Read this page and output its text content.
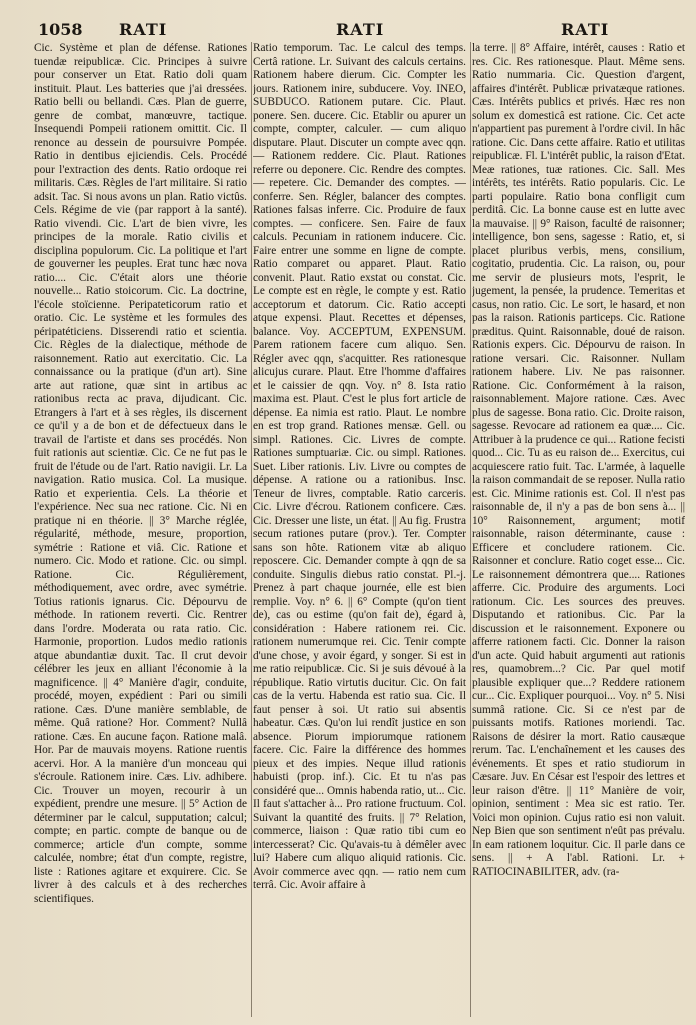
1058 RATI	RATI	RATI

Cic. Système et plan de défense. Rationes tuendæ reipublicæ. Cic. Principes à suivre pour conserver un Etat. Ratio doli quam instituit. Plaut. Les batteries que j'ai dressées. Ratio belli ou bellandi. Cæs. Plan de guerre, genre de combat, manœuvre, tactique. Insequendi Pompeii rationem omittit. Cic. Il renonce au dessein de poursuivre Pompée. Ratio in dentibus ejiciendis. Cels. Procédé pour l'extraction des dents. Ratio ordoque rei militaris. Cæs. Règles de l'art militaire. Si ratio adsit. Tac. Si nous avons un plan. Ratio victûs. Cels. Régime de vie (par rapport à la santé). Ratio vivendi. Cic. L'art de bien vivre, les principes de la morale. Ratio civilis et disciplina populorum. Cic. La politique et l'art de gouverner les peuples. Erat tunc hæc nova ratio.... Cic. C'était alors une théorie nouvelle... Ratio stoicorum. Cic. La doctrine, l'école stoïcienne. Peripateticorum ratio et oratio. Cic. Le système et les formules des péripatéticiens. Disserendi ratio et scientia. Cic. Règles de la dialectique, méthode de raisonnement. Ratio aut exercitatio. Cic. La connaissance ou la pratique (d'un art). Sine arte aut ratione, quæ sint in artibus ac rationibus recta ac prava, dijudicant. Cic. Etrangers à l'art et à ses règles, ils discernent ce qu'il y a de bon et de défectueux dans le travail de l'artiste et dans ses procédés. Non fuit rationis aut scientiæ. Cic. Ce ne fut pas le fruit de l'étude ou de l'art. Ratio navigii. Lr. La navigation. Ratio musica. Col. La musique. Ratio et experientia. Cels. La théorie et l'expérience. Nec sua nec ratione. Cic. Ni en pratique ni en théorie. || 3° Marche réglée, régularité, méthode, mesure, proportion, symétrie : Ratione et viâ. Cic. Ratione et numero. Cic. Modo et ratione. Cic. ou simpl. Ratione. Cic. Régulièrement, méthodiquement, avec ordre, avec symétrie. Totius rationis ignarus. Cic. Dépourvu de méthode. In rationem reverti. Cic. Rentrer dans l'ordre. Moderata ou rata ratio. Cic. Harmonie, proportion. Ludos medio rationis atque abundantiæ duxit. Tac. Il crut devoir célébrer les jeux en alliant l'économie à la magnificence. || 4° Manière d'agir, conduite, procédé, moyen, expédient : Pari ou simili ratione. Cæs. D'une manière semblable, de même. Quâ ratione? Hor. Comment? Nullâ ratione. Cæs. En aucune façon. Ratione malâ. Hor. Par de mauvais moyens. Ratione ruentis acervi. Hor. A la manière d'un monceau qui s'écroule. Rationem inire. Cæs. Liv. adhibere. Cic. Trouver un moyen, recourir à un expédient, prendre une mesure. || 5° Action de déterminer par le calcul, supputation; calcul; compte; en partic. compte de banque ou de commerce; article d'un compte, somme calculée, nombre; état d'un compte, registre, liste : Rationes agitare et exquirere. Cic. Se livrer à des calculs et à des recherches scientifiques.

Ratio temporum. Tac. Le calcul des temps. Certâ ratione. Lr. Suivant des calculs certains. Rationem habere dierum. Cic. Compter les jours. Rationem inire, subducere. Voy. INEO, SUBDUCO. Rationem putare. Cic. Plaut. ponere. Sen. ducere. Cic. Etablir ou apurer un compte, compter, calculer. — cum aliquo disputare. Plaut. Discuter un compte avec qqn. — Rationem reddere. Cic. Plaut. Rationes referre ou deponere. Cic. Rendre des comptes. — repetere. Cic. Demander des comptes. — conferre. Sen. Régler, balancer des comptes. Rationes falsas inferre. Cic. Produire de faux comptes. — conficere. Sen. Faire de faux calculs. Pecuniam in rationem inducere. Cic. Faire entrer une somme en ligne de compte. Ratio comparet ou apparet. Plaut. Ratio convenit. Plaut. Ratio exstat ou constat. Cic. Le compte est en règle, le compte y est. Ratio acceptorum et datorum. Cic. Ratio accepti atque expensi. Plaut. Recettes et dépenses, balance. Voy. ACCEPTUM, EXPENSUM. Parem rationem facere cum aliquo. Sen. Régler avec qqn, s'acquitter. Res rationesque alicujus curare. Plaut. Etre l'homme d'affaires et le caissier de qqn. Voy. n° 8. Ista ratio maxima est. Plaut. C'est le plus fort article de dépense. Ea nimia est ratio. Plaut. Le nombre en est trop grand. Rationes mensæ. Gell. ou simpl. Rationes. Cic. Livres de compte. Rationes sumptuariæ. Cic. ou simpl. Rationes. Suet. Liber rationis. Liv. Livre ou comptes de dépense. A ratione ou a rationibus. Insc. Teneur de livres, comptable. Ratio carceris. Cic. Livre d'écrou. Rationem conficere. Cæs. Cic. Dresser une liste, un état. || Au fig. Frustra secum rationes putare (prov.). Ter. Compter sans son hôte. Rationem vitæ ab aliquo reposcere. Cic. Demander compte à qqn de sa conduite. Singulis diebus ratio constat. Pl.-j. Prenez à part chaque journée, elle est bien remplie. Voy. n° 6. || 6° Compte (qu'on tient de), cas ou estime (qu'on fait de), égard à, considération : Habere rationem rei. Cic. rationem numerumque rei. Cic. Tenir compte d'une chose, y avoir égard, y songer. Si est in me ratio reipublicæ. Cic. Si je suis dévoué à la république. Ratio virtutis ducitur. Cic. On fait cas de la vertu. Habenda est ratio sua. Cic. Il faut penser à soi. Ut ratio sui absentis habeatur. Cæs. Qu'on lui rendît justice en son absence. Piorum impiorumque rationem facere. Cic. Faire la différence des hommes pieux et des impies. Neque illud rationis habuisti (prop. inf.). Cic. Et tu n'as pas considéré que... Omnis habenda ratio, ut... Cic. Il faut s'attacher à... Pro ratione fructuum. Col. Suivant la quantité des fruits. || 7° Relation, commerce, liaison : Quæ ratio tibi cum eo intercesserat? Cic. Qu'avais-tu à démêler avec lui? Habere cum aliquo aliquid rationis. Cic. Avoir commerce avec qqn. — ratio nem cum terrâ. Cic. Avoir affaire à

la terre. || 8° Affaire, intérêt, causes : Ratio et res. Cic. Res rationesque. Plaut. Même sens. Ratio nummaria. Cic. Question d'argent, affaires d'intérêt. Publicæ privatæque rationes. Cæs. Intérêts publics et privés. Hæc res non solum ex domesticâ est ratione. Cic. Cet acte n'appartient pas purement à l'ordre civil. In hâc ratione. Cic. Dans cette affaire. Ratio et utilitas reipublicæ. Fl. L'intérêt public, la raison d'Etat. Meæ rationes, tuæ rationes. Cic. Sall. Mes intérêts, tes intérêts. Ratio popularis. Cic. Le parti populaire. Ratio bona confligit cum perditâ. Cic. La bonne cause est en lutte avec la mauvaise. || 9° Raison, faculté de raisonner; intelligence, bon sens, sagesse : Ratio, et, si placet pluribus verbis, mens, consilium, cogitatio, prudentia. Cic. La raison, ou, pour me servir de plusieurs mots, l'esprit, le jugement, la pensée, la prudence. Temeritas et casus, non ratio. Cic. Le sort, le hasard, et non pas la raison. Rationis particeps. Cic. Ratione præditus. Quint. Raisonnable, doué de raison. Rationis expers. Cic. Dépourvu de raison. In ratione versari. Cic. Raisonner. Nullam rationem habere. Liv. Ne pas raisonner. Ratione. Cic. Conformément à la raison, raisonnablement. Majore ratione. Cæs. Avec plus de sagesse. Bona ratio. Cic. Droite raison, sagesse. Revocare ad rationem ea quæ.... Cic. Attribuer à la prudence ce qui... Ratione fecisti quod... Cic. Tu as eu raison de... Exercitus, cui acquiescere ratio fuit. Tac. L'armée, à laquelle la raison commandait de se reposer. Nulla ratio est. Cic. Minime rationis est. Col. Il n'est pas raisonnable de, il n'y a pas de bon sens à... || 10° Raisonnement, argument; motif raisonnable, raison déterminante, cause : Efficere et concludere rationem. Cic. Raisonner et conclure. Ratio coget esse... Cic. Le raisonnement démontrera que.... Rationes afferre. Cic. Produire des arguments. Loci rationum. Cic. Les sources des preuves. Disputando et rationibus. Cic. Par la discussion et le raisonnement. Exponere ou afferre rationem facti. Cic. Donner la raison d'un acte. Quid habuit argumenti aut rationis res, quamobrem...? Cic. Par quel motif plausible expliquer que...? Reddere rationem cur... Cic. Expliquer pourquoi... Voy. n° 5. Nisi summâ ratione. Cic. Si ce n'est par de puissants motifs. Rationes moriendi. Tac. Raisons de désirer la mort. Ratio causæque rerum. Tac. L'enchaînement et les causes des événements. Et spes et ratio studiorum in Cæsare. Juv. En César est l'espoir des lettres et leur raison d'être. || 11° Manière de voir, opinion, sentiment : Mea sic est ratio. Ter. Voici mon opinion. Cujus ratio esi non valuit. Nep Bien que son sentiment n'eût pas prévalu. In eam rationem loquitur. Cic. Il parle dans ce sens. || + A l'abl. Rationi. Lr. + RATIOCINABILITER, adv. (ra-
